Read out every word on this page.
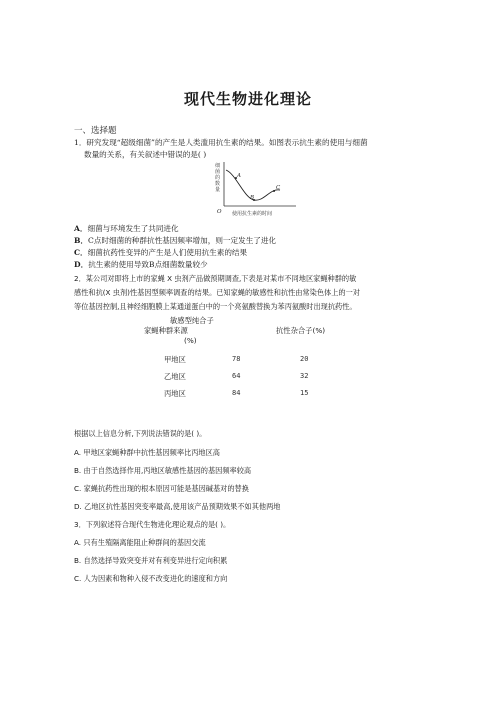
现代生物进化理论
一、选择题
1．研究发现“超级细菌”的产生是人类滥用抗生素的结果。如图表示抗生素的使用与细菌
数量的关系，有关叙述中错误的是( )
细
菌
的
数
量
A
B
C
O 使用抗生素的时间
A．细菌与环境发生了共同进化
B．C点时细菌的种群抗性基因频率增加，则一定发生了进化
C．细菌抗药性变异的产生是人们使用抗生素的结果
D．抗生素的使用导致B点细菌数量较少
2．某公司对即将上市的家蝇 X 虫剂产品做预期调查,下表是对某市不同地区家蝇种群的敏
感性和抗(X 虫剂)性基因型频率调查的结果。已知家蝇的敏感性和抗性由常染色体上的一对
等位基因控制,且神经细胞膜上某通道蛋白中的一个亮氨酸替换为苯丙氨酸时出现抗药性。
敏感型纯合子
家蝇种群来源	抗性杂合子(%)
(%)
甲地区	78	20
乙地区	64	32
丙地区	84	15
根据以上信息分析,下列说法错误的是( )。
A. 甲地区家蝇种群中抗性基因频率比丙地区高
B. 由于自然选择作用,丙地区敏感性基因的基因频率较高
C. 家蝇抗药性出现的根本原因可能是基因碱基对的替换
D. 乙地区抗性基因突变率最高,使用该产品预期效果不如其他两地
3．下列叙述符合现代生物进化理论观点的是( )。
A. 只有生殖隔离能阻止种群间的基因交流
B. 自然选择导致突变并对有利变异进行定向积累
C. 人为因素和物种入侵不改变进化的速度和方向
